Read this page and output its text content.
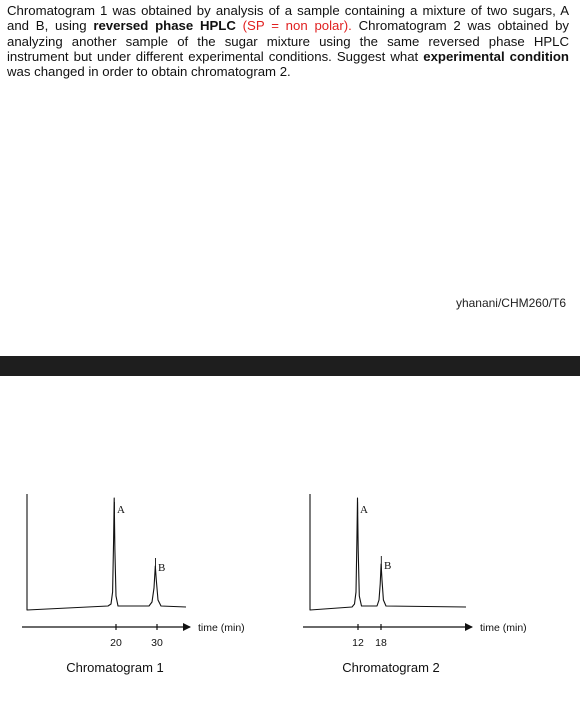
Chromatogram 1 was obtained by analysis of a sample containing a mixture of two sugars, A and B, using reversed phase HPLC (SP = non polar). Chromatogram 2 was obtained by analyzing another sample of the sugar mixture using the same reversed phase HPLC instrument but under different experimental conditions. Suggest what experimental condition was changed in order to obtain chromatogram 2.

yhanani/CHM260/T6
A
B
20	30
time (min)
Chromatogram 1
A
B
12 18
time (min)
Chromatogram 2
